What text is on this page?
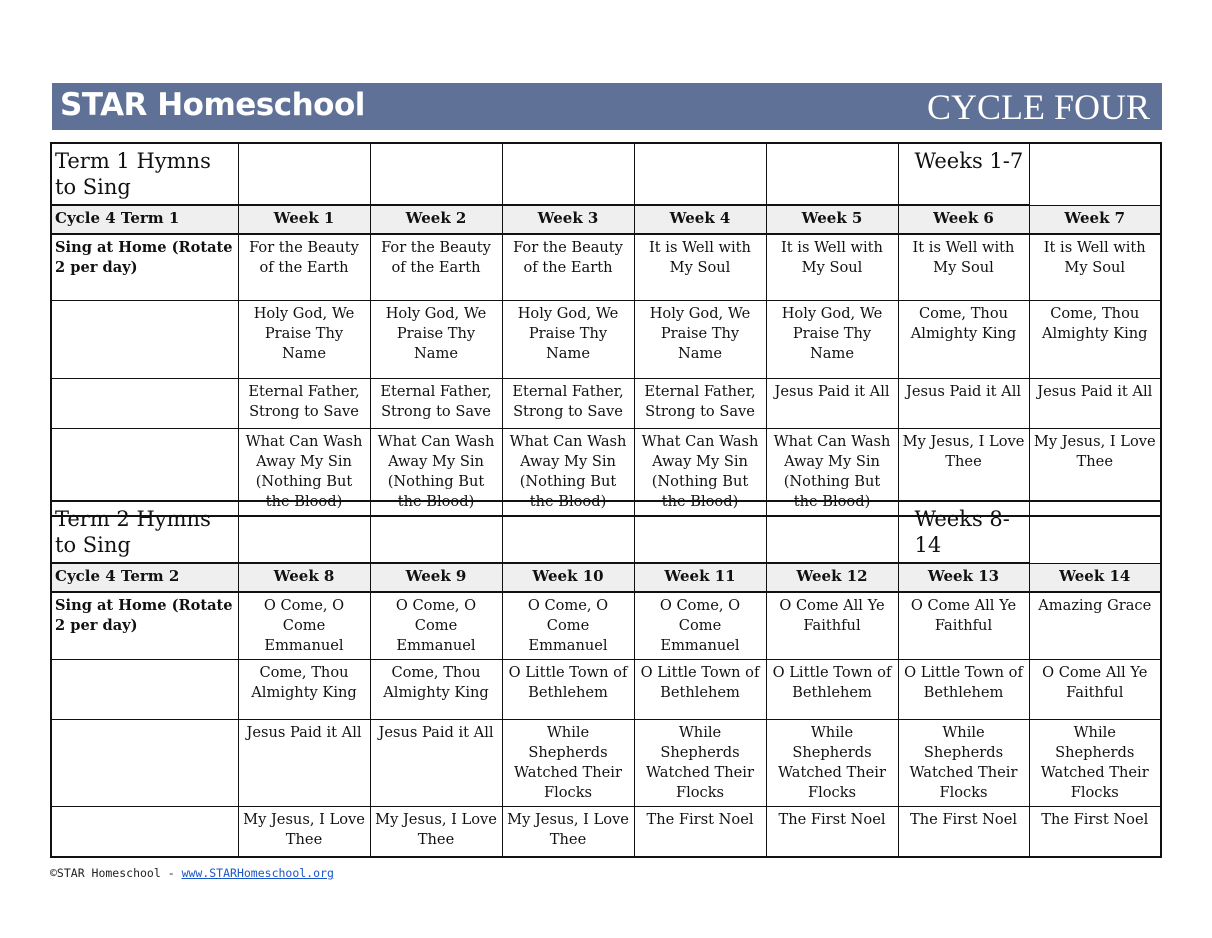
STAR Homeschool	CYCLE FOUR
Term 1 Hymns to Sing						Weeks 1-7	
Cycle 4 Term 1	Week 1	Week 2	Week 3	Week 4	Week 5	Week 6	Week 7
Sing at Home (Rotate 2 per day)	For the Beauty of the Earth	For the Beauty of the Earth	For the Beauty of the Earth	It is Well with My Soul	It is Well with My Soul	It is Well with My Soul	It is Well with My Soul
	Holy God, We Praise Thy Name	Holy God, We Praise Thy Name	Holy God, We Praise Thy Name	Holy God, We Praise Thy Name	Holy God, We Praise Thy Name	Come, Thou Almighty King	Come, Thou Almighty King
	Eternal Father, Strong to Save	Eternal Father, Strong to Save	Eternal Father, Strong to Save	Eternal Father, Strong to Save	Jesus Paid it All	Jesus Paid it All	Jesus Paid it All
	What Can Wash Away My Sin (Nothing But the Blood)	What Can Wash Away My Sin (Nothing But the Blood)	What Can Wash Away My Sin (Nothing But the Blood)	What Can Wash Away My Sin (Nothing But the Blood)	What Can Wash Away My Sin (Nothing But the Blood)	My Jesus, I Love Thee	My Jesus, I Love Thee
Term 2 Hymns to Sing						Weeks 8-14	
Cycle 4 Term 2	Week 8	Week 9	Week 10	Week 11	Week 12	Week 13	Week 14
Sing at Home (Rotate 2 per day)	O Come, O Come Emmanuel	O Come, O Come Emmanuel	O Come, O Come Emmanuel	O Come, O Come Emmanuel	O Come All Ye Faithful	O Come All Ye Faithful	Amazing Grace
	Come, Thou Almighty King	Come, Thou Almighty King	O Little Town of Bethlehem	O Little Town of Bethlehem	O Little Town of Bethlehem	O Little Town of Bethlehem	O Come All Ye Faithful
	Jesus Paid it All	Jesus Paid it All	While Shepherds Watched Their Flocks	While Shepherds Watched Their Flocks	While Shepherds Watched Their Flocks	While Shepherds Watched Their Flocks	While Shepherds Watched Their Flocks
	My Jesus, I Love Thee	My Jesus, I Love Thee	My Jesus, I Love Thee	The First Noel	The First Noel	The First Noel	The First Noel
©STAR Homeschool - www.STARHomeschool.org
